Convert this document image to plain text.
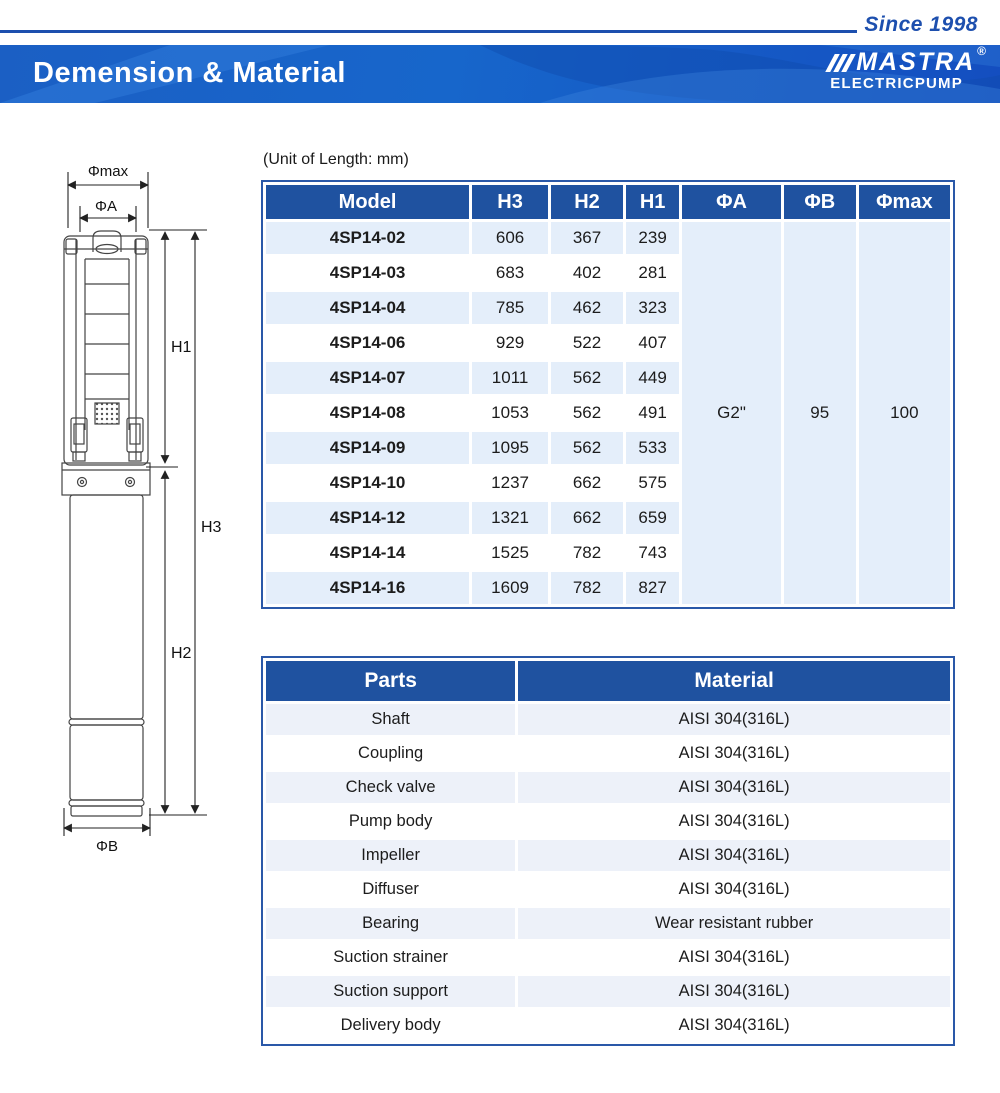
Since 1998
Demension & Material	MASTRA ®
ELECTRICPUMP
(Unit of Length: mm)
Φmax
ΦA
H1
H3
H2
ΦB
Model	H3	H2	H1	ΦA	ΦB	Φmax
4SP14-02	606	367	239	G2"	95	100
4SP14-03	683	402	281			
4SP14-04	785	462	323			
4SP14-06	929	522	407			
4SP14-07	1011	562	449			
4SP14-08	1053	562	491			
4SP14-09	1095	562	533			
4SP14-10	1237	662	575			
4SP14-12	1321	662	659			
4SP14-14	1525	782	743			
4SP14-16	1609	782	827			
Parts	Material
Shaft	AISI 304(316L)
Coupling	AISI 304(316L)
Check valve	AISI 304(316L)
Pump body	AISI 304(316L)
Impeller	AISI 304(316L)
Diffuser	AISI 304(316L)
Bearing	Wear resistant rubber
Suction strainer	AISI 304(316L)
Suction support	AISI 304(316L)
Delivery body	AISI 304(316L)
